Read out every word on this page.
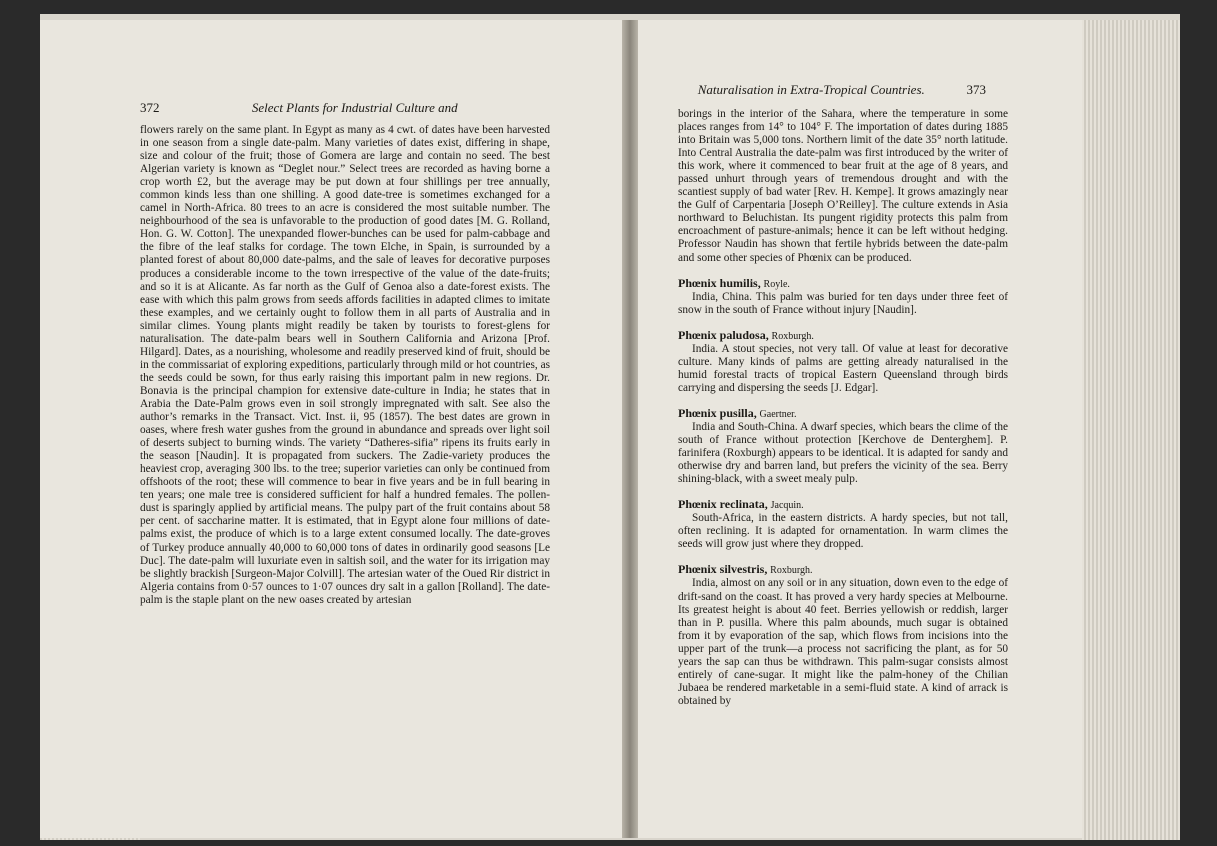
372	Select Plants for Industrial Culture and

flowers rarely on the same plant. In Egypt as many as 4 cwt. of dates have been harvested in one season from a single date-palm. Many varieties of dates exist, differing in shape, size and colour of the fruit; those of Gomera are large and contain no seed. The best Algerian variety is known as “Deglet nour.” Select trees are recorded as having borne a crop worth £2, but the average may be put down at four shillings per tree annually, common kinds less than one shilling. A good date-tree is sometimes exchanged for a camel in North-Africa. 80 trees to an acre is considered the most suitable number. The neighbourhood of the sea is unfavorable to the production of good dates [M. G. Rolland, Hon. G. W. Cotton]. The unexpanded flower-bunches can be used for palm-cabbage and the fibre of the leaf stalks for cordage. The town Elche, in Spain, is surrounded by a planted forest of about 80,000 date-palms, and the sale of leaves for decorative purposes produces a considerable income to the town irrespective of the value of the date-fruits; and so it is at Alicante. As far north as the Gulf of Genoa also a date-forest exists. The ease with which this palm grows from seeds affords facilities in adapted climes to imitate these examples, and we certainly ought to follow them in all parts of Australia and in similar climes. Young plants might readily be taken by tourists to forest-glens for naturalisation. The date-palm bears well in Southern California and Arizona [Prof. Hilgard]. Dates, as a nourishing, wholesome and readily preserved kind of fruit, should be in the commissariat of exploring expeditions, particularly through mild or hot countries, as the seeds could be sown, for thus early raising this important palm in new regions. Dr. Bonavia is the principal champion for extensive date-culture in India; he states that in Arabia the Date-Palm grows even in soil strongly impregnated with salt. See also the author’s remarks in the Transact. Vict. Inst. ii, 95 (1857). The best dates are grown in oases, where fresh water gushes from the ground in abundance and spreads over light soil of deserts subject to burning winds. The variety “Datheres-sifia” ripens its fruits early in the season [Naudin]. It is propagated from suckers. The Zadie-variety produces the heaviest crop, averaging 300 lbs. to the tree; superior varieties can only be continued from offshoots of the root; these will commence to bear in five years and be in full bearing in ten years; one male tree is considered sufficient for half a hundred females. The pollen-dust is sparingly applied by artificial means. The pulpy part of the fruit contains about 58 per cent. of saccharine matter. It is estimated, that in Egypt alone four millions of date-palms exist, the produce of which is to a large extent consumed locally. The date-groves of Turkey produce annually 40,000 to 60,000 tons of dates in ordinarily good seasons [Le Duc]. The date-palm will luxuriate even in saltish soil, and the water for its irrigation may be slightly brackish [Surgeon-Major Colvill]. The artesian water of the Oued Rir district in Algeria contains from 0·57 ounces to 1·07 ounces dry salt in a gallon [Rolland]. The date-palm is the staple plant on the new oases created by artesian

Naturalisation in Extra-Tropical Countries.	373

borings in the interior of the Sahara, where the temperature in some places ranges from 14° to 104° F. The importation of dates during 1885 into Britain was 5,000 tons. Northern limit of the date 35° north latitude. Into Central Australia the date-palm was first introduced by the writer of this work, where it commenced to bear fruit at the age of 8 years, and passed unhurt through years of tremendous drought and with the scantiest supply of bad water [Rev. H. Kempe]. It grows amazingly near the Gulf of Carpentaria [Joseph O’Reilley]. The culture extends in Asia northward to Beluchistan. Its pungent rigidity protects this palm from encroachment of pasture-animals; hence it can be left without hedging. Professor Naudin has shown that fertile hybrids between the date-palm and some other species of Phœnix can be produced.

Phœnix humilis, Royle.

India, China. This palm was buried for ten days under three feet of snow in the south of France without injury [Naudin].

Phœnix paludosa, Roxburgh.

India. A stout species, not very tall. Of value at least for decorative culture. Many kinds of palms are getting already naturalised in the humid forestal tracts of tropical Eastern Queensland through birds carrying and dispersing the seeds [J. Edgar].

Phœnix pusilla, Gaertner.

India and South-China. A dwarf species, which bears the clime of the south of France without protection [Kerchove de Denterghem]. P. farinifera (Roxburgh) appears to be identical. It is adapted for sandy and otherwise dry and barren land, but prefers the vicinity of the sea. Berry shining-black, with a sweet mealy pulp.

Phœnix reclinata, Jacquin.

South-Africa, in the eastern districts. A hardy species, but not tall, often reclining. It is adapted for ornamentation. In warm climes the seeds will grow just where they dropped.

Phœnix silvestris, Roxburgh.

India, almost on any soil or in any situation, down even to the edge of drift-sand on the coast. It has proved a very hardy species at Melbourne. Its greatest height is about 40 feet. Berries yellowish or reddish, larger than in P. pusilla. Where this palm abounds, much sugar is obtained from it by evaporation of the sap, which flows from incisions into the upper part of the trunk—a process not sacrificing the plant, as for 50 years the sap can thus be withdrawn. This palm-sugar consists almost entirely of cane-sugar. It might like the palm-honey of the Chilian Jubaea be rendered marketable in a semi-fluid state. A kind of arrack is obtained by
